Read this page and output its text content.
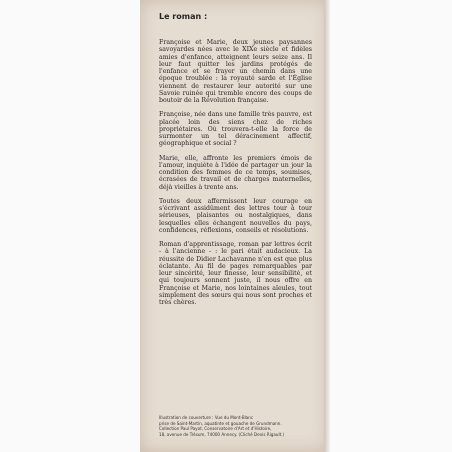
Le roman :

Françoise et Marie, deux jeunes paysannes savoyardes nées avec le XIXe siècle et fidèles amies d'enfance, atteignent leurs seize ans. Il leur faut quitter les jardins protégés de l'enfance et se frayer un chemin dans une époque troublée : la royauté sarde et l'Église viennent de restaurer leur autorité sur une Savoie ruinée qui tremble encore des coups de boutoir de la Révolution française.

Françoise, née dans une famille très pauvre, est placée loin des siens chez de riches propriétaires. Où trouvera-t-elle la force de surmonter un tel déracinement affectif, géographique et social ?

Marie, elle, affronte les premiers émois de l'amour, inquiète à l'idée de partager un jour la condition des femmes de ce temps, soumises, écrasées de travail et de charges maternelles, déjà vieilles à trente ans.

Toutes deux affermissent leur courage en s'écrivant assidûment des lettres tour à tour sérieuses, plaisantes ou nostalgiques, dans lesquelles elles échangent nouvelles du pays, confidences, réflexions, conseils et résolutions.

Roman d'apprentissage, roman par lettres écrit - à l'ancienne - : le pari était audacieux. La réussite de Didier Lachavanne n'en est que plus éclatante. Au fil de pages remarquables par leur sincérité, leur finesse, leur sensibilité, et qui toujours sonnent juste, il nous offre en Françoise et Marie, nos lointaines aïeules, tout simplement des sœurs qui nous sont proches et très chères.

Illustration de couverture : Vue du Mont-Blanc
prise de Saint-Martin, aquatinte et gouache de Grundmann.
Collection Paul Payot, Conservatoire d'Art et d'Histoire,
18, avenue de Trésum, 74000 Annecy. (Cliché Denis Rigault.)
